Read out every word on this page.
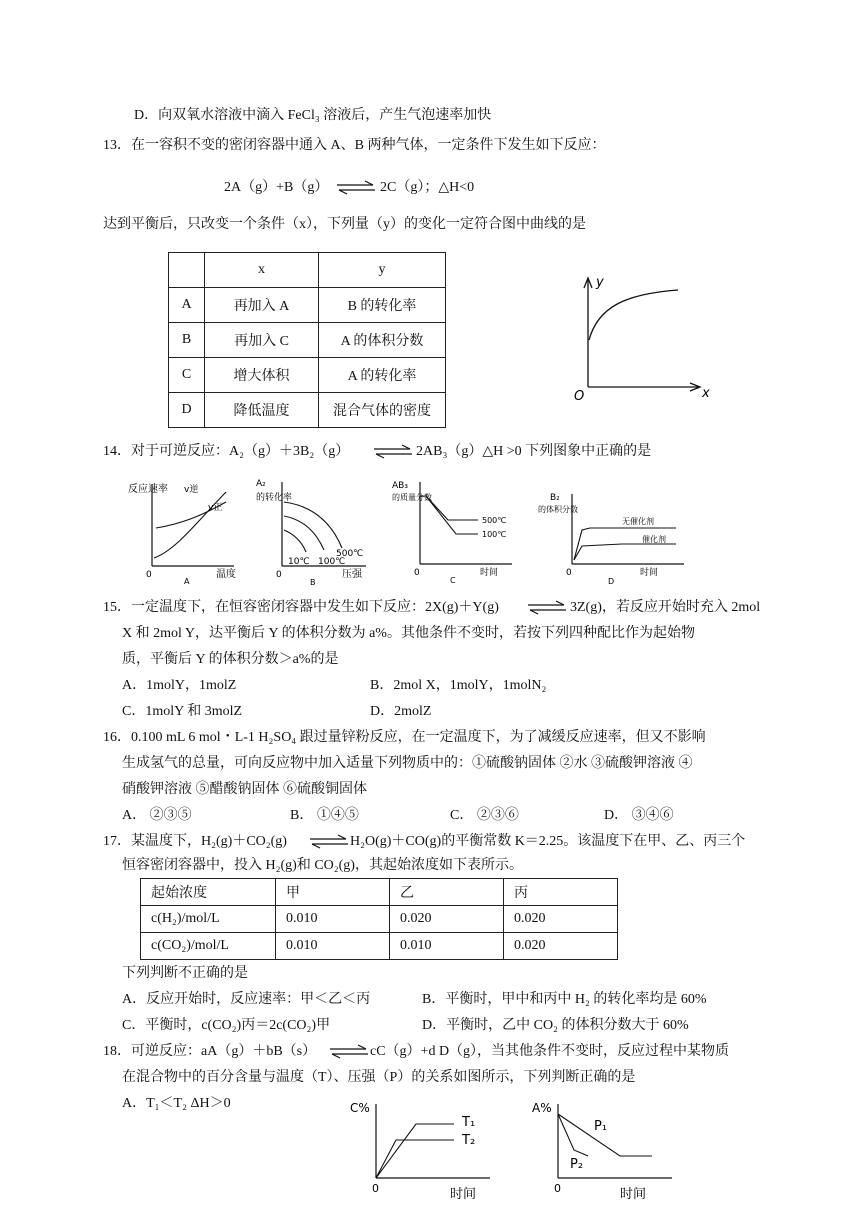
D．向双氧水溶液中滴入 FeCl₃ 溶液后，产生气泡速率加快
13．在一容积不变的密闭容器中通入 A、B 两种气体，一定条件下发生如下反应：
2A（g）+B（g） ⇌ 2C（g）；△H<0
达到平衡后，只改变一个条件（x），下列量（y）的变化一定符合图中曲线的是
	x	y
A	再加入 A	B 的转化率
B	再加入 C	A 的体积分数
C	增大体积	A 的转化率
D	降低温度	混合气体的密度
y
x
O
14．对于可逆反应：A₂（g）＋3B₂（g） ⇌ 2AB₃（g）△H >0 下列图象中正确的是
反应速率 v逆
v正
0	温度
A
A₂
的转化率
500℃
100℃
10℃
0	压强
B
AB₃
的质量分数
500℃
100℃
0	时间
C
B₂
的体积分数
无催化剂
催化剂
0	时间
D
15．一定温度下，在恒容密闭容器中发生如下反应：2X(g)＋Y(g) ⇌ 3Z(g)，若反应开始时充入 2mol
X 和 2mol Y，达平衡后 Y 的体积分数为 a%。其他条件不变时，若按下列四种配比作为起始物
质，平衡后 Y 的体积分数＞a%的是
A．1molY，1molZ	B．2mol X，1molY，1molN₂
C．1molY 和 3molZ	D．2molZ
16．0.100 mL 6 mol・L-1 H₂SO₄ 跟过量锌粉反应，在一定温度下，为了减缓反应速率，但又不影响
生成氢气的总量，可向反应物中加入适量下列物质中的：①硫酸钠固体 ②水 ③硫酸钾溶液 ④
硝酸钾溶液 ⑤醋酸钠固体 ⑥硫酸铜固体
A． ②③⑤	B． ①④⑤	C． ②③⑥	D． ③④⑥
17．某温度下，H₂(g)＋CO₂(g) ⇌ H₂O(g)＋CO(g)的平衡常数 K＝2.25。该温度下在甲、乙、丙三个
恒容密闭容器中，投入 H₂(g)和 CO₂(g)，其起始浓度如下表所示。
起始浓度	甲	乙	丙
c(H₂)/mol/L	0.010	0.020	0.020
c(CO₂)/mol/L	0.010	0.010	0.020
下列判断不正确的是
A．反应开始时，反应速率：甲＜乙＜丙	B．平衡时，甲中和丙中 H₂ 的转化率均是 60%
C．平衡时，c(CO₂)丙＝2c(CO₂)甲	D．平衡时，乙中 CO₂ 的体积分数大于 60%
18．可逆反应：aA（g）＋bB（s） ⇌ cC（g）+d D（g），当其他条件不变时，反应过程中某物质
在混合物中的百分含量与温度（T）、压强（P）的关系如图所示，下列判断正确的是
A．T₁＜T₂ ΔH＞0	C%
T₁
T₂
0	时间
A%
P₁
P₂
0	时间
